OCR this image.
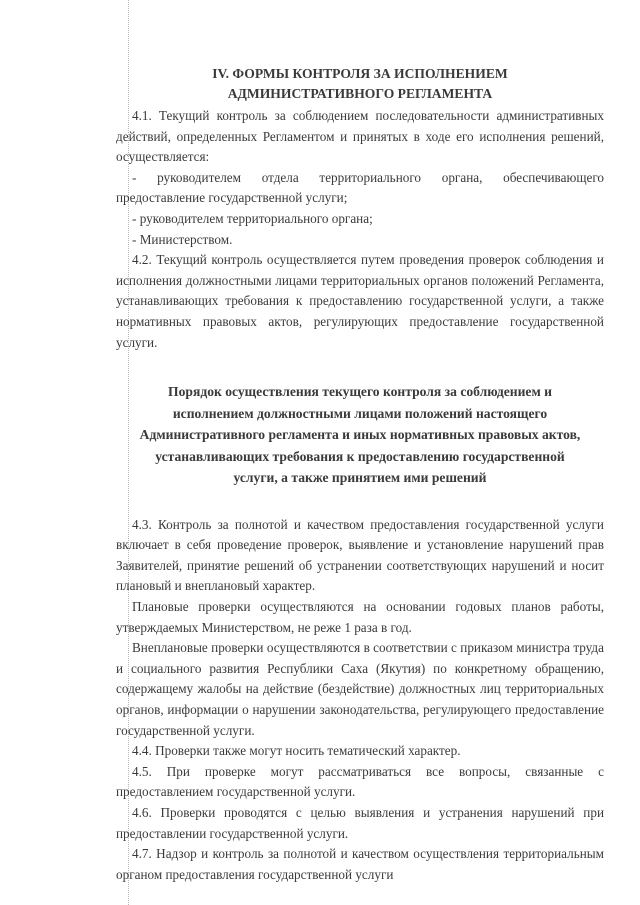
IV. ФОРМЫ КОНТРОЛЯ ЗА ИСПОЛНЕНИЕМ
АДМИНИСТРАТИВНОГО РЕГЛАМЕНТА

4.1. Текущий контроль за соблюдением последовательности административных действий, определенных Регламентом и принятых в ходе его исполнения решений, осуществляется:

- руководителем отдела территориального органа, обеспечивающего предоставление государственной услуги;

- руководителем территориального органа;

- Министерством.

4.2. Текущий контроль осуществляется путем проведения проверок соблюдения и исполнения должностными лицами территориальных органов положений Регламента, устанавливающих требования к предоставлению государственной услуги, а также нормативных правовых актов, регулирующих предоставление государственной услуги.

Порядок осуществления текущего контроля за соблюдением и
исполнением должностными лицами положений настоящего
Административного регламента и иных нормативных правовых актов,
устанавливающих требования к предоставлению государственной
услуги, а также принятием ими решений

4.3. Контроль за полнотой и качеством предоставления государственной услуги включает в себя проведение проверок, выявление и установление нарушений прав Заявителей, принятие решений об устранении соответствующих нарушений и носит плановый и внеплановый характер.

Плановые проверки осуществляются на основании годовых планов работы, утверждаемых Министерством, не реже 1 раза в год.

Внеплановые проверки осуществляются в соответствии с приказом министра труда и социального развития Республики Саха (Якутия) по конкретному обращению, содержащему жалобы на действие (бездействие) должностных лиц территориальных органов, информации о нарушении законодательства, регулирующего предоставление государственной услуги.

4.4. Проверки также могут носить тематический характер.

4.5. При проверке могут рассматриваться все вопросы, связанные с предоставлением государственной услуги.

4.6. Проверки проводятся с целью выявления и устранения нарушений при предоставлении государственной услуги.

4.7. Надзор и контроль за полнотой и качеством осуществления территориальным органом предоставления государственной услуги
